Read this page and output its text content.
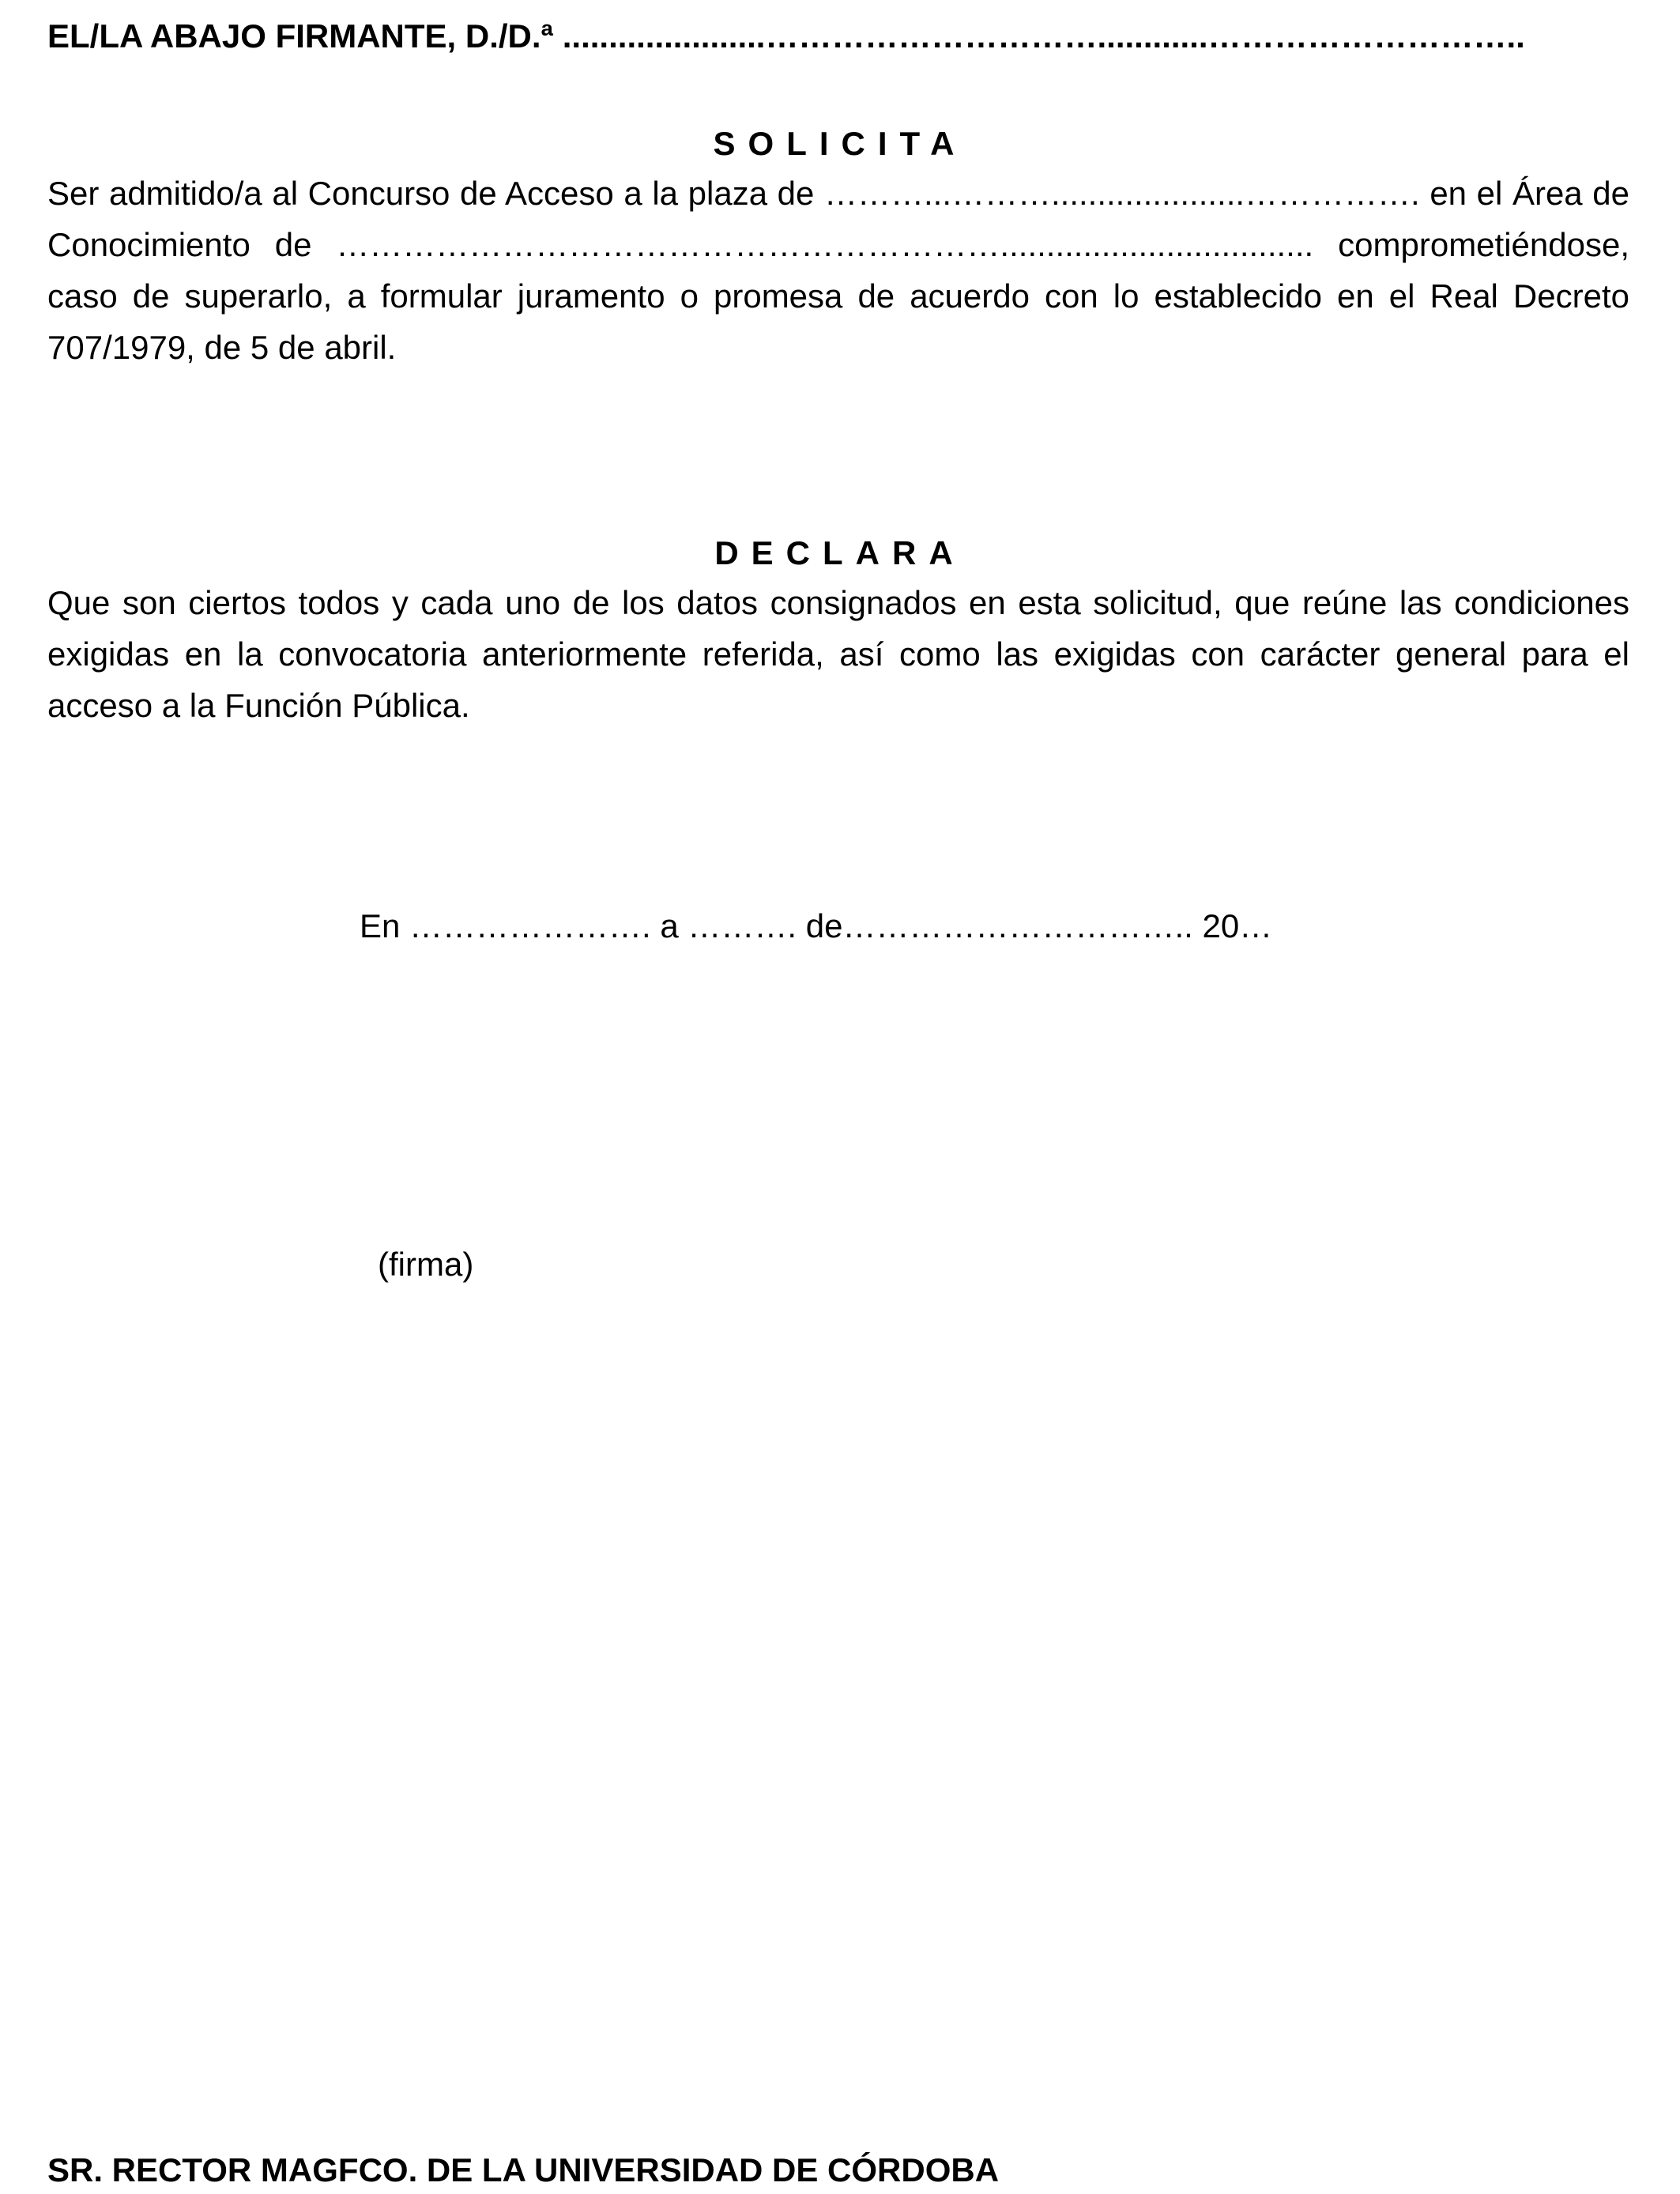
EL/LA ABAJO FIRMANTE, D./D.ª ......................…………………………............………………………..
SOLICITA
Ser admitido/a al Concurso de Acceso a la plaza de ………...……….....................……………. en el Área de Conocimiento de …………………………………………………….................................. comprometiéndose, caso de superarlo, a formular juramento o promesa de acuerdo con lo establecido en el Real Decreto 707/1979, de 5 de abril.
DECLARA
Que son ciertos todos y cada uno de los datos consignados en esta solicitud, que reúne las condiciones exigidas en la convocatoria anteriormente referida, así como las exigidas con carácter general para el acceso a la Función Pública.
En …………………. a ………. de………………………….. 20…
(firma)
SR. RECTOR MAGFCO. DE LA UNIVERSIDAD DE CÓRDOBA
